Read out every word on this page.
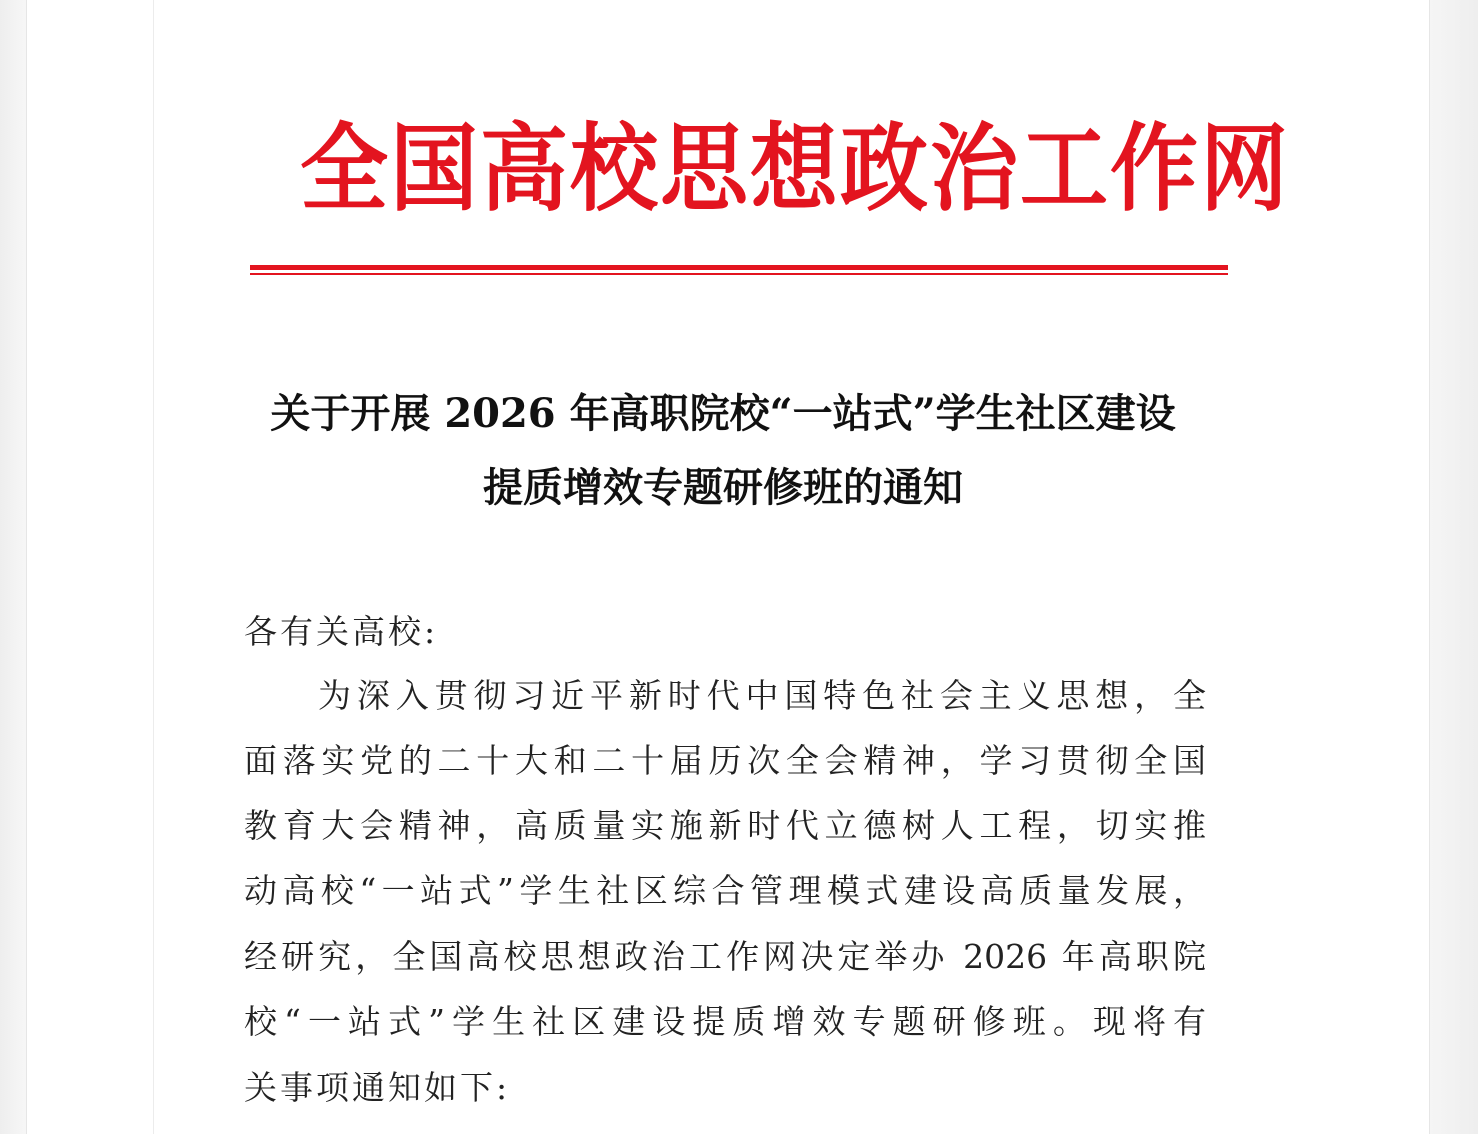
全国高校思想政治工作网
关于开展 2026 年高职院校“一站式”学生社区建设
提质增效专题研修班的通知
各有关高校:
为深入贯彻习近平新时代中国特色社会主义思想，全
面落实党的二十大和二十届历次全会精神，学习贯彻全国
教育大会精神，高质量实施新时代立德树人工程，切实推
动高校“一站式”学生社区综合管理模式建设高质量发展，
经研究，全国高校思想政治工作网决定举办 2026 年高职院
校“一站式”学生社区建设提质增效专题研修班。现将有
关事项通知如下:
